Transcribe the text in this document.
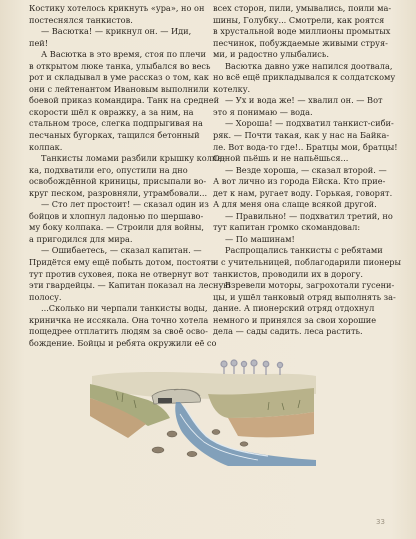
Костику хотелось крикнуть «ура», но он
постеснялся танкистов.
— Васютка! — крикнул он. — Иди,
пей!
А Васютка в это время, стоя по плечи
в открытом люке танка, улыбался во весь
рот и складывал в уме рассказ о том, как
они с лейтенантом Ивановым выполнили
боевой приказ командира. Танк на средней
скорости шёл к овражку, а за ним, на
стальном тросе, слегка подпрыгивая на
песчаных бугорках, тащился бетонный
колпак.
Танкисты ломами разбили крышку колпа-
ка, подхватили его, опустили на дно
освобождённой криницы, присыпали во-
круг песком, разровняли, утрамбовали...
— Сто лет простоит! — сказал один из
бойцов и хлопнул ладонью по шершаво-
му боку колпака. — Строили для войны,
а пригодился для мира.
— Ошибаетесь, — сказал капитан. —
Придётся ему ещё побыть дотом, постоять
тут против суховея, пока не отвернут вот
эти гвардейцы. — Капитан показал на лесную
полосу.
...Сколько ни черпали танкисты воды,
криничка не иссякала. Она точно хотела
пощедрее отплатить людям за своё осво-
бождение. Бойцы и ребята окружили её со
всех сторон, пили, умывались, поили ма-
шины, Голубку... Смотрели, как роятся
в хрустальной воде миллионы промытых
песчинок, побуждаемые живыми струя-
ми, и радостно улыбались.
Васютка давно уже напился доотвала,
но всё ещё прикладывался к солдатскому
котелку.
— Ух и вода же! — хвалил он. — Вот
это я понимаю — вода.
— Хороша! — подхватил танкист-сиби-
ряк. — Почти такая, как у нас на Байка-
ле. Вот вода-то где!.. Братцы мои, братцы!
Одной пьёшь и не напьёшься...
— Везде хороша, — сказал второй. —
А вот лично из города Ейска. Кто прие-
дет к нам, ругает воду. Горькая, говорят.
А для меня она слаще всякой другой.
— Правильно! — подхватил третий, но
тут капитан громко скомандовал:
— По машинам!
Распрощались танкисты с ребятами
и с учительницей, поблагодарили пионеры
танкистов, проводили их в дорогу.
Взревели моторы, загрохотали гусени-
цы, и ушёл танковый отряд выполнять за-
дание. А пионерский отряд отдохнул
немного и принялся за свои хорошие
дела — сады садить. леса растить.
33
